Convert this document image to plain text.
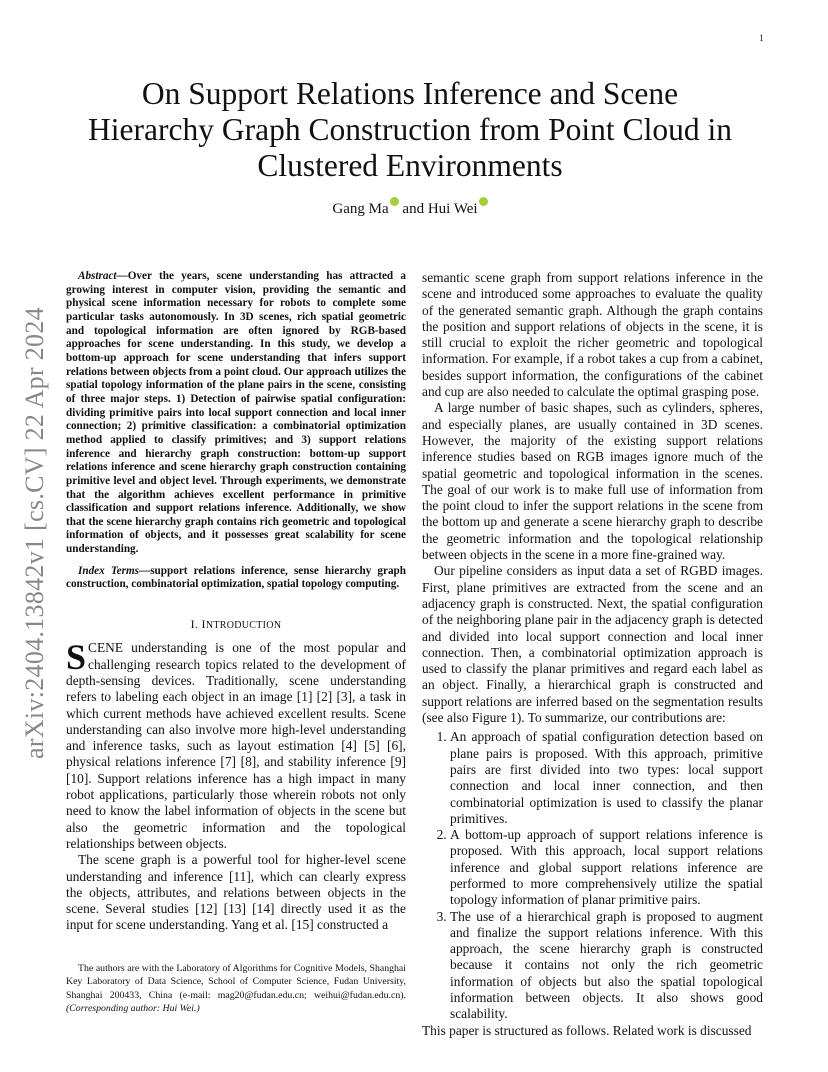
1
arXiv:2404.13842v1 [cs.CV] 22 Apr 2024
On Support Relations Inference and Scene
Hierarchy Graph Construction from Point Cloud in
Clustered Environments
Gang Ma and Hui Wei

Abstract—Over the years, scene understanding has attracted a growing interest in computer vision, providing the semantic and physical scene information necessary for robots to complete some particular tasks autonomously. In 3D scenes, rich spatial geometric and topological information are often ignored by RGB-based approaches for scene understanding. In this study, we develop a bottom-up approach for scene understanding that infers support relations between objects from a point cloud. Our approach utilizes the spatial topology information of the plane pairs in the scene, consisting of three major steps. 1) Detection of pairwise spatial configuration: dividing primitive pairs into local support connection and local inner connection; 2) primitive classification: a combinatorial optimization method applied to classify primitives; and 3) support relations inference and hierarchy graph construction: bottom-up support relations inference and scene hierarchy graph construction containing primitive level and object level. Through experiments, we demonstrate that the algorithm achieves excellent performance in primitive classification and support relations inference. Additionally, we show that the scene hierarchy graph contains rich geometric and topological information of objects, and it possesses great scalability for scene understanding.

Index Terms—support relations inference, sense hierarchy graph construction, combinatorial optimization, spatial topology computing.

I. INTRODUCTION

SCENE understanding is one of the most popular and challenging research topics related to the development of depth-sensing devices. Traditionally, scene understanding refers to labeling each object in an image [1] [2] [3], a task in which current methods have achieved excellent results. Scene understanding can also involve more high-level understanding and inference tasks, such as layout estimation [4] [5] [6], physical relations inference [7] [8], and stability inference [9] [10]. Support relations inference has a high impact in many robot applications, particularly those wherein robots not only need to know the label information of objects in the scene but also the geometric information and the topological relationships between objects.

The scene graph is a powerful tool for higher-level scene understanding and inference [11], which can clearly express the objects, attributes, and relations between objects in the scene. Several studies [12] [13] [14] directly used it as the input for scene understanding. Yang et al. [15] constructed a

The authors are with the Laboratory of Algorithms for Cognitive Models, Shanghai Key Laboratory of Data Science, School of Computer Science, Fudan University, Shanghai 200433, China (e-mail: mag20@fudan.edu.cn; weihui@fudan.edu.cn). (Corresponding author: Hui Wei.)

semantic scene graph from support relations inference in the scene and introduced some approaches to evaluate the quality of the generated semantic graph. Although the graph contains the position and support relations of objects in the scene, it is still crucial to exploit the richer geometric and topological information. For example, if a robot takes a cup from a cabinet, besides support information, the configurations of the cabinet and cup are also needed to calculate the optimal grasping pose.

A large number of basic shapes, such as cylinders, spheres, and especially planes, are usually contained in 3D scenes. However, the majority of the existing support relations inference studies based on RGB images ignore much of the spatial geometric and topological information in the scenes. The goal of our work is to make full use of information from the point cloud to infer the support relations in the scene from the bottom up and generate a scene hierarchy graph to describe the geometric information and the topological relationship between objects in the scene in a more fine-grained way.

Our pipeline considers as input data a set of RGBD images. First, plane primitives are extracted from the scene and an adjacency graph is constructed. Next, the spatial configuration of the neighboring plane pair in the adjacency graph is detected and divided into local support connection and local inner connection. Then, a combinatorial optimization approach is used to classify the planar primitives and regard each label as an object. Finally, a hierarchical graph is constructed and support relations are inferred based on the segmentation results (see also Figure 1). To summarize, our contributions are:

1. An approach of spatial configuration detection based on plane pairs is proposed. With this approach, primitive pairs are first divided into two types: local support connection and local inner connection, and then combinatorial optimization is used to classify the planar primitives.
2. A bottom-up approach of support relations inference is proposed. With this approach, local support relations inference and global support relations inference are performed to more comprehensively utilize the spatial topology information of planar primitive pairs.
3. The use of a hierarchical graph is proposed to augment and finalize the support relations inference. With this approach, the scene hierarchy graph is constructed because it contains not only the rich geometric information of objects but also the spatial topological information between objects. It also shows good scalability.

This paper is structured as follows. Related work is discussed
